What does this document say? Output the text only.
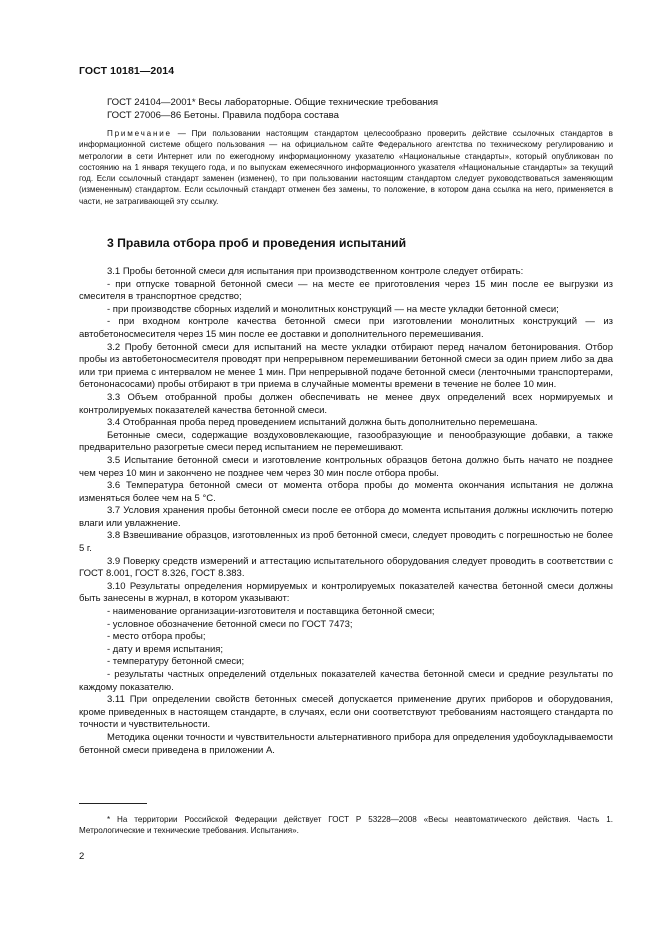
ГОСТ 10181—2014
ГОСТ 24104—2001* Весы лабораторные. Общие технические требования
ГОСТ 27006—86 Бетоны. Правила подбора состава
Примечание — При пользовании настоящим стандартом целесообразно проверить действие ссылочных стандартов в информационной системе общего пользования — на официальном сайте Федерального агентства по техническому регулированию и метрологии в сети Интернет или по ежегодному информационному указателю «Национальные стандарты», который опубликован по состоянию на 1 января текущего года, и по выпускам ежемесячного информационного указателя «Национальные стандарты» за текущий год. Если ссылочный стандарт заменен (изменен), то при пользовании настоящим стандартом следует руководствоваться заменяющим (измененным) стандартом. Если ссылочный стандарт отменен без замены, то положение, в котором дана ссылка на него, применяется в части, не затрагивающей эту ссылку.
3 Правила отбора проб и проведения испытаний

3.1 Пробы бетонной смеси для испытания при производственном контроле следует отбирать:

- при отпуске товарной бетонной смеси — на месте ее приготовления через 15 мин после ее выгрузки из смесителя в транспортное средство;

- при производстве сборных изделий и монолитных конструкций — на месте укладки бетонной смеси;

- при входном контроле качества бетонной смеси при изготовлении монолитных конструкций — из автобетоносмесителя через 15 мин после ее доставки и дополнительного перемешивания.

3.2 Пробу бетонной смеси для испытаний на месте укладки отбирают перед началом бетонирования. Отбор пробы из автобетоносмесителя проводят при непрерывном перемешивании бетонной смеси за один прием либо за два или три приема с интервалом не менее 1 мин. При непрерывной подаче бетонной смеси (ленточными транспортерами, бетононасосами) пробы отбирают в три приема в случайные моменты времени в течение не более 10 мин.

3.3 Объем отобранной пробы должен обеспечивать не менее двух определений всех нормируемых и контролируемых показателей качества бетонной смеси.

3.4 Отобранная проба перед проведением испытаний должна быть дополнительно перемешана.

Бетонные смеси, содержащие воздухововлекающие, газообразующие и пенообразующие добавки, а также предварительно разогретые смеси перед испытанием не перемешивают.

3.5 Испытание бетонной смеси и изготовление контрольных образцов бетона должно быть начато не позднее чем через 10 мин и закончено не позднее чем через 30 мин после отбора пробы.

3.6 Температура бетонной смеси от момента отбора пробы до момента окончания испытания не должна изменяться более чем на 5 °С.

3.7 Условия хранения пробы бетонной смеси после ее отбора до момента испытания должны исключить потерю влаги или увлажнение.

3.8 Взвешивание образцов, изготовленных из проб бетонной смеси, следует проводить с погрешностью не более 5 г.

3.9 Поверку средств измерений и аттестацию испытательного оборудования следует проводить в соответствии с ГОСТ 8.001, ГОСТ 8.326, ГОСТ 8.383.

3.10 Результаты определения нормируемых и контролируемых показателей качества бетонной смеси должны быть занесены в журнал, в котором указывают:

- наименование организации-изготовителя и поставщика бетонной смеси;

- условное обозначение бетонной смеси по ГОСТ 7473;

- место отбора пробы;

- дату и время испытания;

- температуру бетонной смеси;

- результаты частных определений отдельных показателей качества бетонной смеси и средние результаты по каждому показателю.

3.11 При определении свойств бетонных смесей допускается применение других приборов и оборудования, кроме приведенных в настоящем стандарте, в случаях, если они соответствуют требованиям настоящего стандарта по точности и чувствительности.

Методика оценки точности и чувствительности альтернативного прибора для определения удобоукладываемости бетонной смеси приведена в приложении А.

* На территории Российской Федерации действует ГОСТ Р 53228—2008 «Весы неавтоматического действия. Часть 1. Метрологические и технические требования. Испытания».
2
